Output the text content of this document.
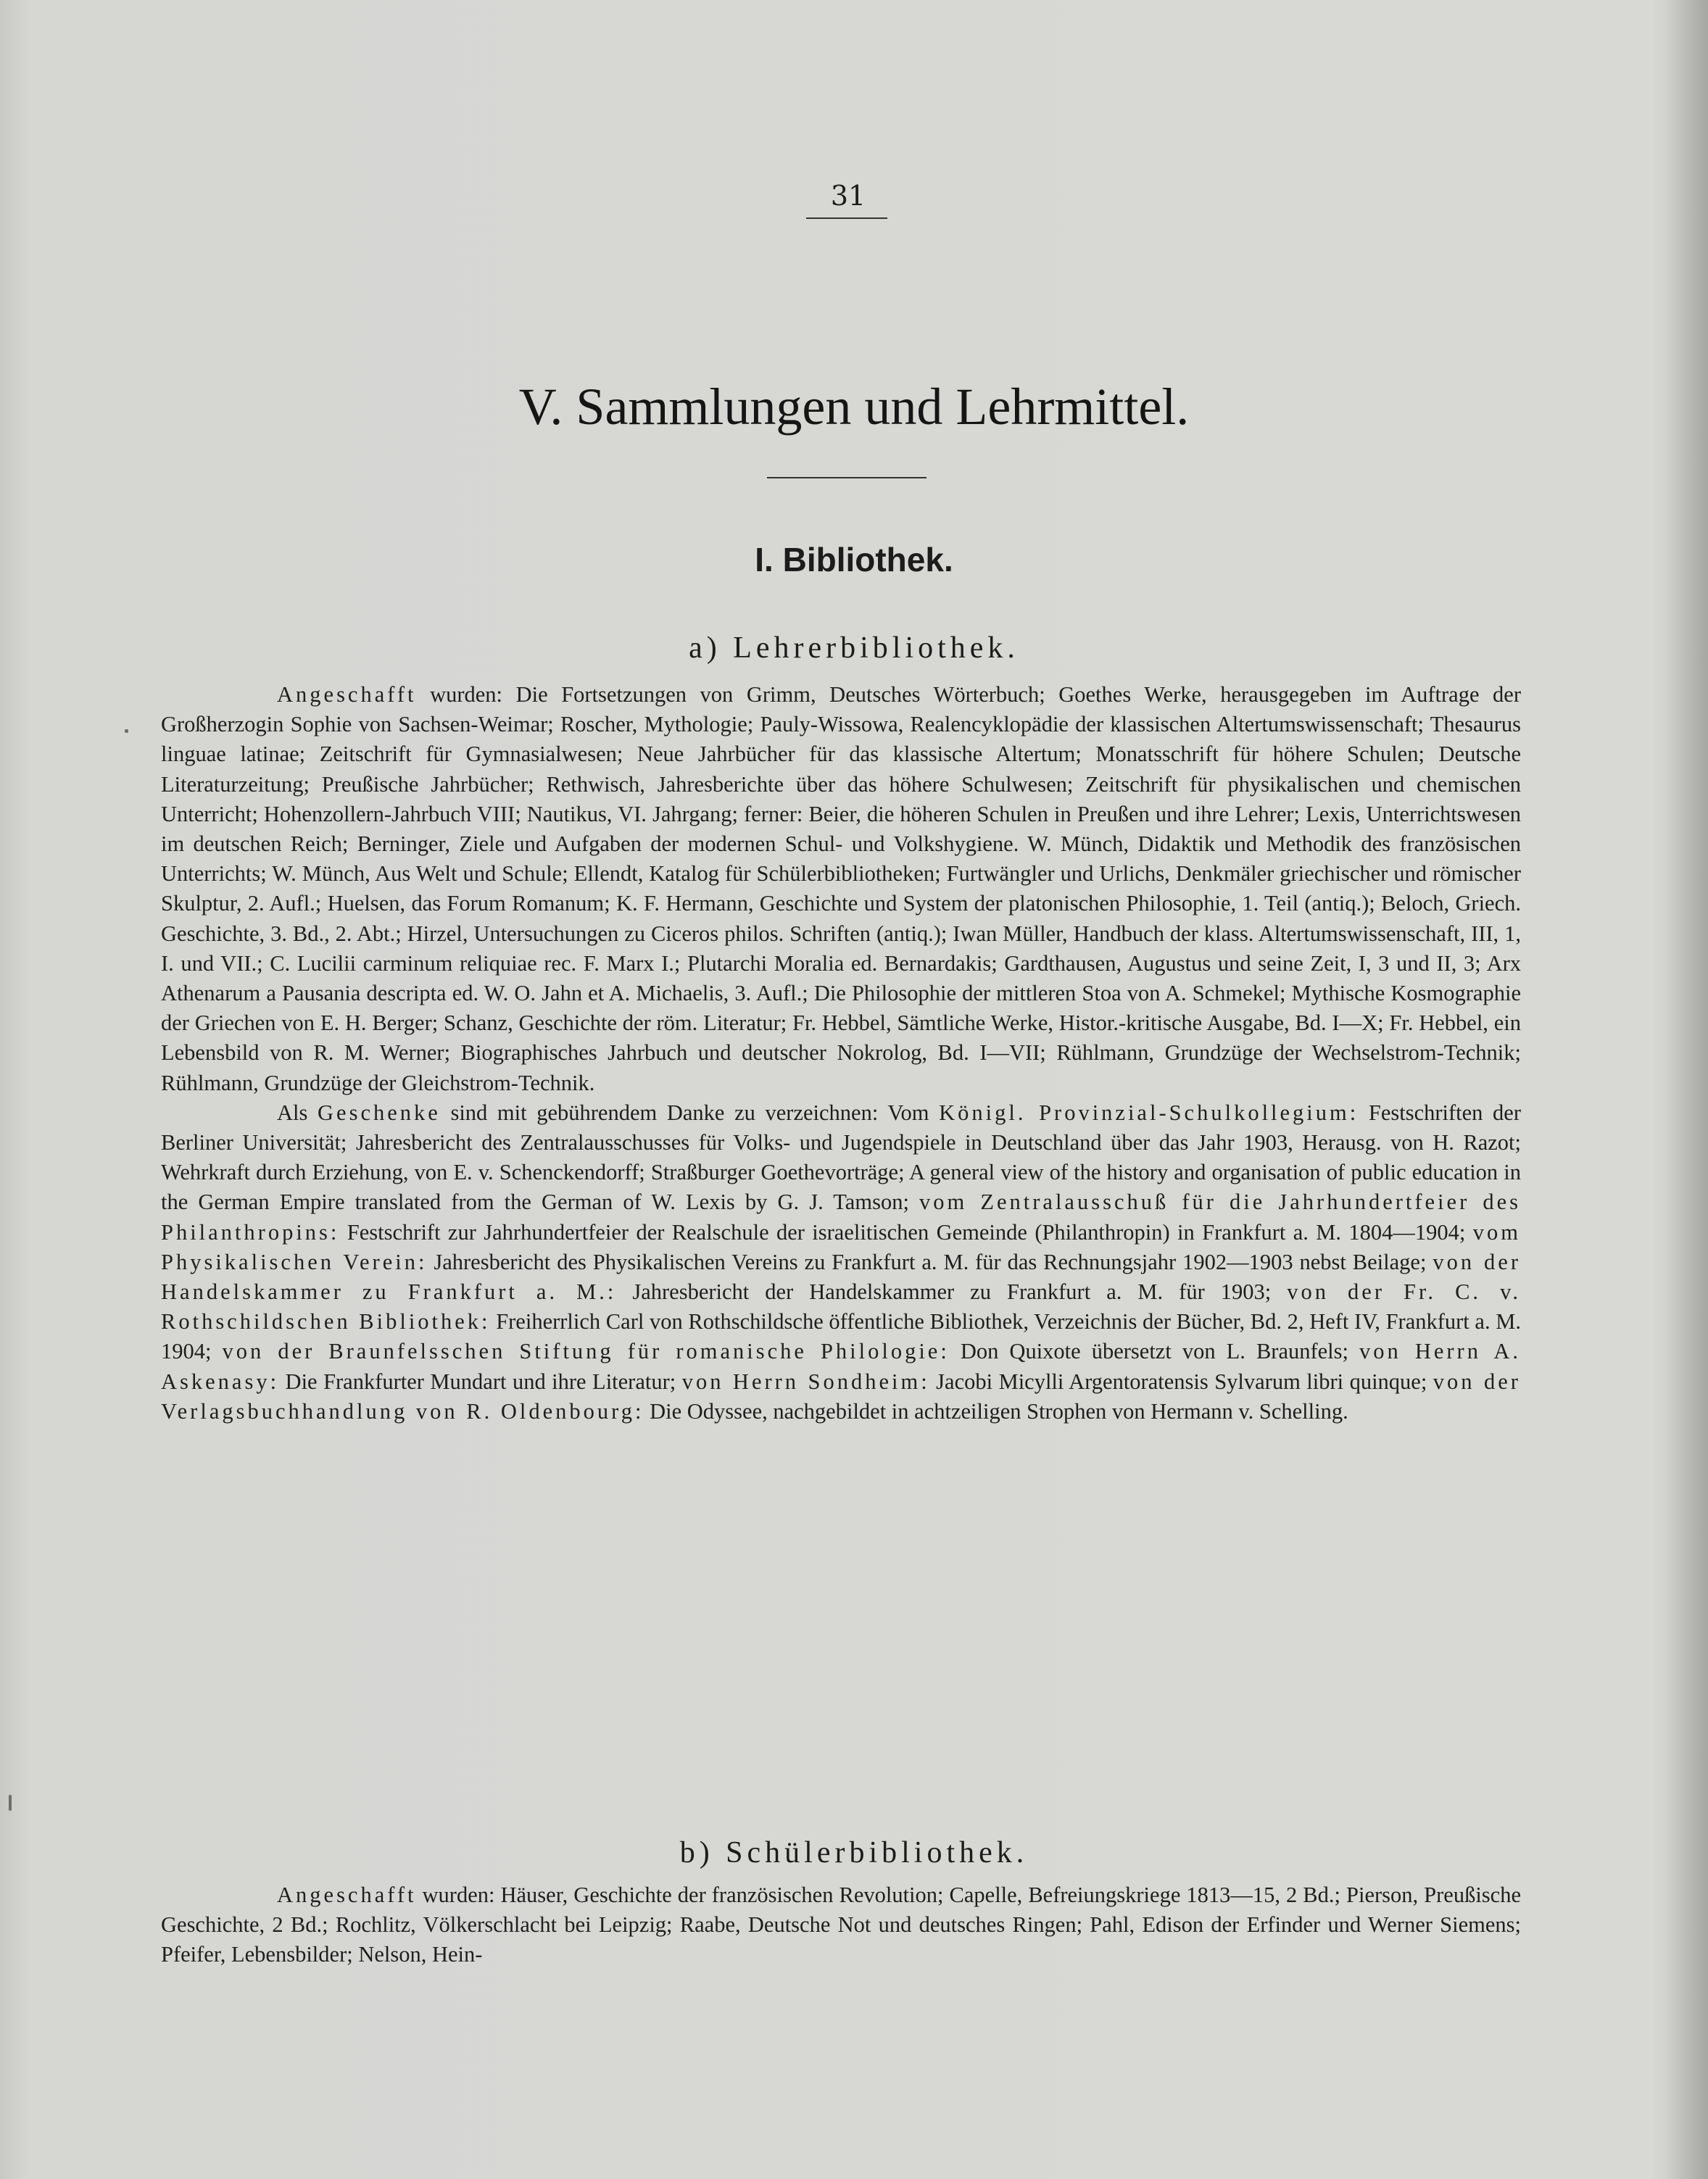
31
V. Sammlungen und Lehrmittel.
I. Bibliothek.
a) Lehrerbibliothek.

Angeschafft wurden: Die Fortsetzungen von Grimm, Deutsches Wörterbuch; Goethes Werke, herausgegeben im Auftrage der Großherzogin Sophie von Sachsen-Weimar; Roscher, Mythologie; Pauly-Wissowa, Realencyklopädie der klassischen Altertumswissenschaft; Thesaurus linguae latinae; Zeitschrift für Gymnasialwesen; Neue Jahrbücher für das klassische Altertum; Monatsschrift für höhere Schulen; Deutsche Literaturzeitung; Preußische Jahrbücher; Rethwisch, Jahresberichte über das höhere Schulwesen; Zeitschrift für physikalischen und chemischen Unterricht; Hohenzollern-Jahrbuch VIII; Nautikus, VI. Jahrgang; ferner: Beier, die höheren Schulen in Preußen und ihre Lehrer; Lexis, Unterrichtswesen im deutschen Reich; Berninger, Ziele und Aufgaben der modernen Schul- und Volkshygiene. W. Münch, Didaktik und Methodik des französischen Unterrichts; W. Münch, Aus Welt und Schule; Ellendt, Katalog für Schülerbibliotheken; Furtwängler und Urlichs, Denkmäler griechischer und römischer Skulptur, 2. Aufl.; Huelsen, das Forum Romanum; K. F. Hermann, Geschichte und System der platonischen Philosophie, 1. Teil (antiq.); Beloch, Griech. Geschichte, 3. Bd., 2. Abt.; Hirzel, Untersuchungen zu Ciceros philos. Schriften (antiq.); Iwan Müller, Handbuch der klass. Altertumswissenschaft, III, 1, I. und VII.; C. Lucilii carminum reliquiae rec. F. Marx I.; Plutarchi Moralia ed. Bernardakis; Gardthausen, Augustus und seine Zeit, I, 3 und II, 3; Arx Athenarum a Pausania descripta ed. W. O. Jahn et A. Michaelis, 3. Aufl.; Die Philosophie der mittleren Stoa von A. Schmekel; Mythische Kosmographie der Griechen von E. H. Berger; Schanz, Geschichte der röm. Literatur; Fr. Hebbel, Sämtliche Werke, Histor.-kritische Ausgabe, Bd. I—X; Fr. Hebbel, ein Lebensbild von R. M. Werner; Biographisches Jahrbuch und deutscher Nokrolog, Bd. I—VII; Rühlmann, Grundzüge der Wechselstrom-Technik; Rühlmann, Grundzüge der Gleichstrom-Technik.

Als Geschenke sind mit gebührendem Danke zu verzeichnen: Vom Königl. Provinzial-Schulkollegium: Festschriften der Berliner Universität; Jahresbericht des Zentralausschusses für Volks- und Jugendspiele in Deutschland über das Jahr 1903, Herausg. von H. Razot; Wehrkraft durch Erziehung, von E. v. Schenckendorff; Straßburger Goethevorträge; A general view of the history and organisation of public education in the German Empire translated from the German of W. Lexis by G. J. Tamson; vom Zentralausschuß für die Jahrhundertfeier des Philanthropins: Festschrift zur Jahrhundertfeier der Realschule der israelitischen Gemeinde (Philanthropin) in Frankfurt a. M. 1804—1904; vom Physikalischen Verein: Jahresbericht des Physikalischen Vereins zu Frankfurt a. M. für das Rechnungsjahr 1902—1903 nebst Beilage; von der Handelskammer zu Frankfurt a. M.: Jahresbericht der Handelskammer zu Frankfurt a. M. für 1903; von der Fr. C. v. Rothschildschen Bibliothek: Freiherrlich Carl von Rothschildsche öffentliche Bibliothek, Verzeichnis der Bücher, Bd. 2, Heft IV, Frankfurt a. M. 1904; von der Braunfelsschen Stiftung für romanische Philologie: Don Quixote übersetzt von L. Braunfels; von Herrn A. Askenasy: Die Frankfurter Mundart und ihre Literatur; von Herrn Sondheim: Jacobi Micylli Argentoratensis Sylvarum libri quinque; von der Verlagsbuchhandlung von R. Oldenbourg: Die Odyssee, nachgebildet in achtzeiligen Strophen von Hermann v. Schelling.

b) Schülerbibliothek.

Angeschafft wurden: Häuser, Geschichte der französischen Revolution; Capelle, Befreiungskriege 1813—15, 2 Bd.; Pierson, Preußische Geschichte, 2 Bd.; Rochlitz, Völkerschlacht bei Leipzig; Raabe, Deutsche Not und deutsches Ringen; Pahl, Edison der Erfinder und Werner Siemens; Pfeifer, Lebensbilder; Nelson, Hein-
